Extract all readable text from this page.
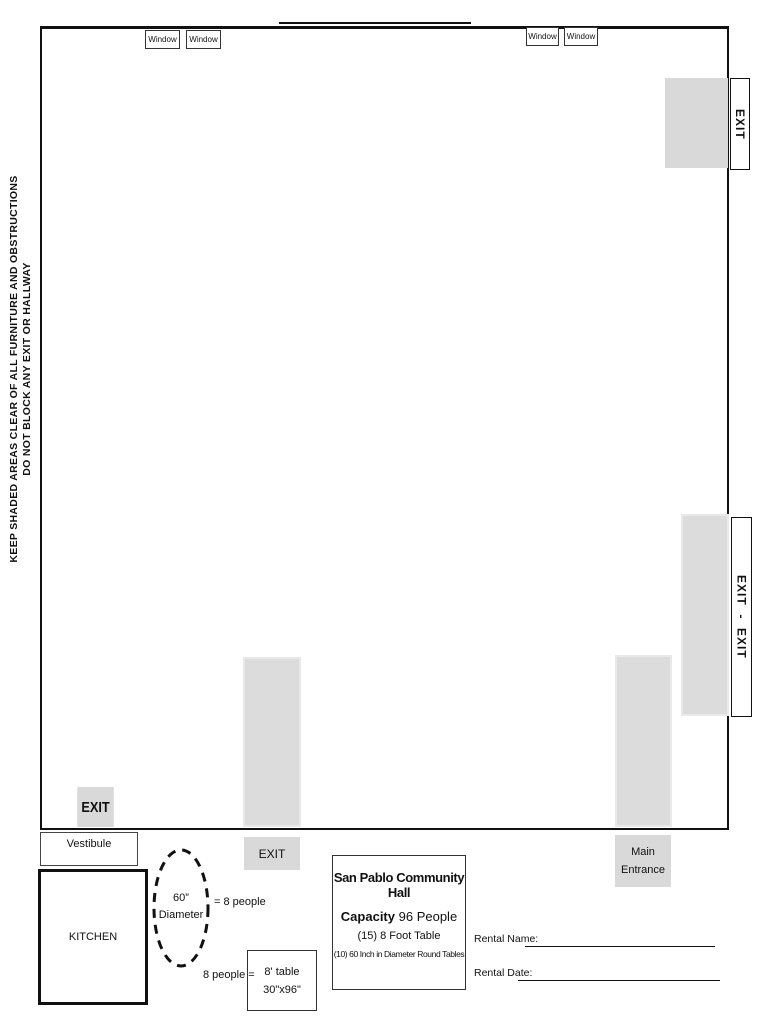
KEEP SHADED AREAS CLEAR OF ALL FURNITURE AND OBSTRUCTIONS DO NOT BLOCK ANY EXIT OR HALLWAY
Window	Window	Window	Window
EXIT
EXIT  -  EXIT
EXIT
EXIT	Main
Entrance
Vestibule
KITCHEN
60”
Diameter
= 8 people
8 people = 8' table
30"x96"
San Pablo Community Hall
Capacity 96 People
(15) 8 Foot Table
(10) 60 Inch in Diameter Round Tables
Rental Name:
Rental Date:
